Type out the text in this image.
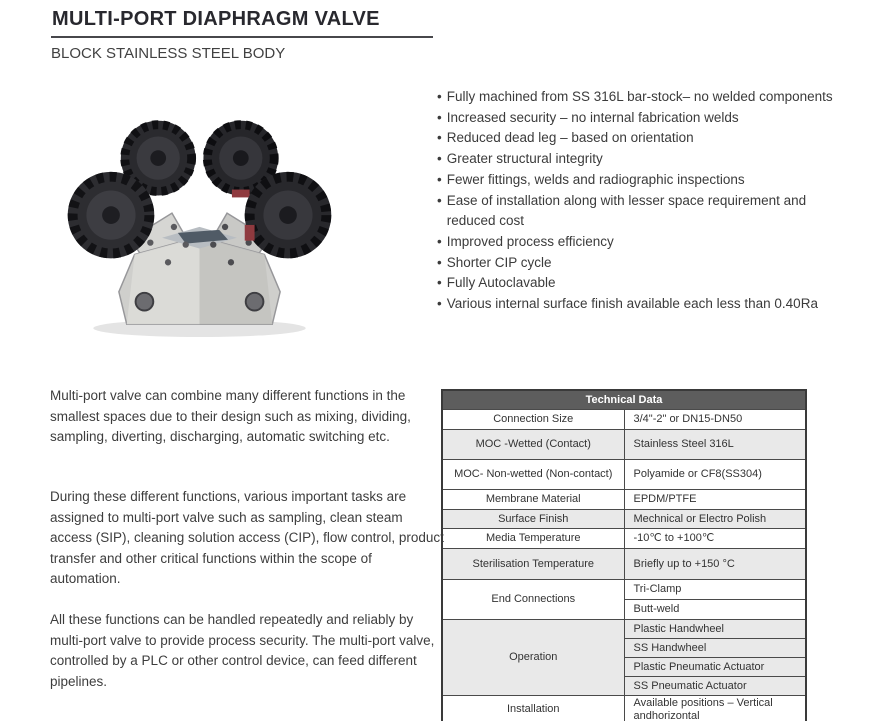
MULTI-PORT DIAPHRAGM VALVE
BLOCK STAINLESS STEEL BODY
• Fully machined from SS 316L bar-stock– no welded components
• Increased security – no internal fabrication welds
• Reduced dead leg – based on orientation
• Greater structural integrity
• Fewer fittings, welds and radiographic inspections
• Ease of installation along with lesser space requirement and reduced cost
• Improved process efficiency
• Shorter CIP cycle
• Fully Autoclavable
• Various internal surface finish available each less than 0.40Ra
Multi-port valve can combine many different functions in the smallest spaces due to their design such as mixing, dividing, sampling, diverting, discharging, automatic switching etc.
During these different functions, various important tasks are assigned to multi-port valve such as sampling, clean steam access (SIP), cleaning solution access (CIP), flow control, product transfer and other critical functions within the scope of automation.
All these functions can be handled repeatedly and reliably by multi-port valve to provide process security. The multi-port valve, controlled by a PLC or other control device, can feed different pipelines.
Technical Data	
Connection Size	3/4"-2" or DN15-DN50
MOC -Wetted (Contact)	Stainless Steel 316L
MOC- Non-wetted (Non-contact)	Polyamide or CF8(SS304)
Membrane Material	EPDM/PTFE
Surface Finish	Mechnical or Electro Polish
Media Temperature	-10℃ to +100℃
Sterilisation Temperature	Briefly up to +150 °C
End Connections	Tri-Clamp
	Butt-weld
Operation	Plastic Handwheel
	SS Handwheel
	Plastic Pneumatic Actuator
	SS Pneumatic Actuator
Installation	Available positions – Vertical andhorizontal
